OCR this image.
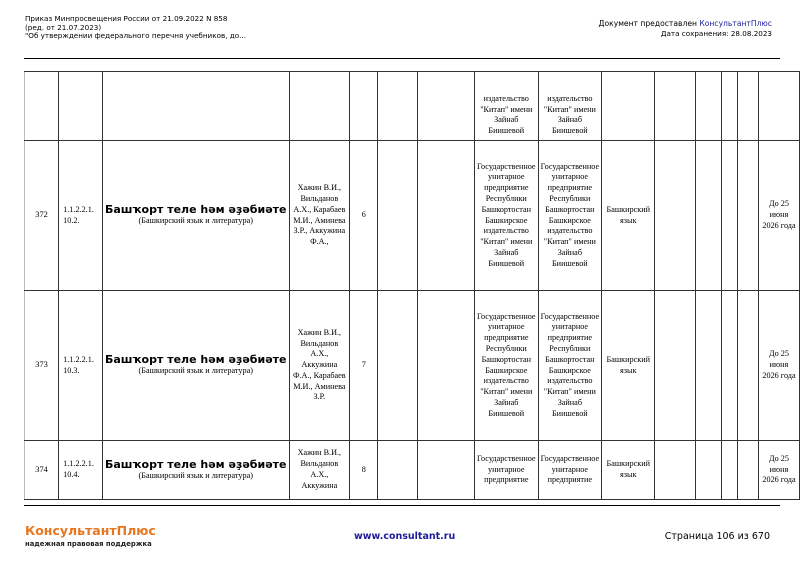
Приказ Минпросвещения России от 21.09.2022 N 858
(ред. от 21.07.2023)
"Об утверждении федерального перечня учебников, до...
Документ предоставлен КонсультантПлюс
Дата сохранения: 28.08.2023
							издательство "Китап" имени Зайнаб Биишевой	издательство "Китап" имени Зайнаб Биишевой						
372	1.1.2.2.1. 10.2.	Башҡорт теле һәм әҙәбиәте
(Башкирский язык и литература)	Хажин В.И., Вильданов А.Х., Карабаев М.И., Аминева З.Р., Аккужина Ф.А.,	6			Государственное унитарное предприятие Республики Башкортостан Башкирское издательство "Китап" имени Зайнаб Биишевой	Государственное унитарное предприятие Республики Башкортостан Башкирское издательство "Китап" имени Зайнаб Биишевой	Башкирский язык					До 25 июня 2026 года
373	1.1.2.2.1. 10.3.	Башҡорт теле һәм әҙәбиәте
(Башкирский язык и литература)	Хажин В.И., Вильданов А.Х., Аккужина Ф.А., Карабаев М.И., Аминева З.Р.	7			Государственное унитарное предприятие Республики Башкортостан Башкирское издательство "Китап" имени Зайнаб Биишевой	Государственное унитарное предприятие Республики Башкортостан Башкирское издательство "Китап" имени Зайнаб Биишевой	Башкирский язык					До 25 июня 2026 года
374	1.1.2.2.1. 10.4.	Башҡорт теле һәм әҙәбиәте
(Башкирский язык и литература)	Хажин В.И., Вильданов А.Х., Аккужина	8			Государственное унитарное предприятие	Государственное унитарное предприятие	Башкирский язык					До 25 июня 2026 года
КонсультантПлюс
надежная правовая поддержка
www.consultant.ru	Страница 106 из 670
